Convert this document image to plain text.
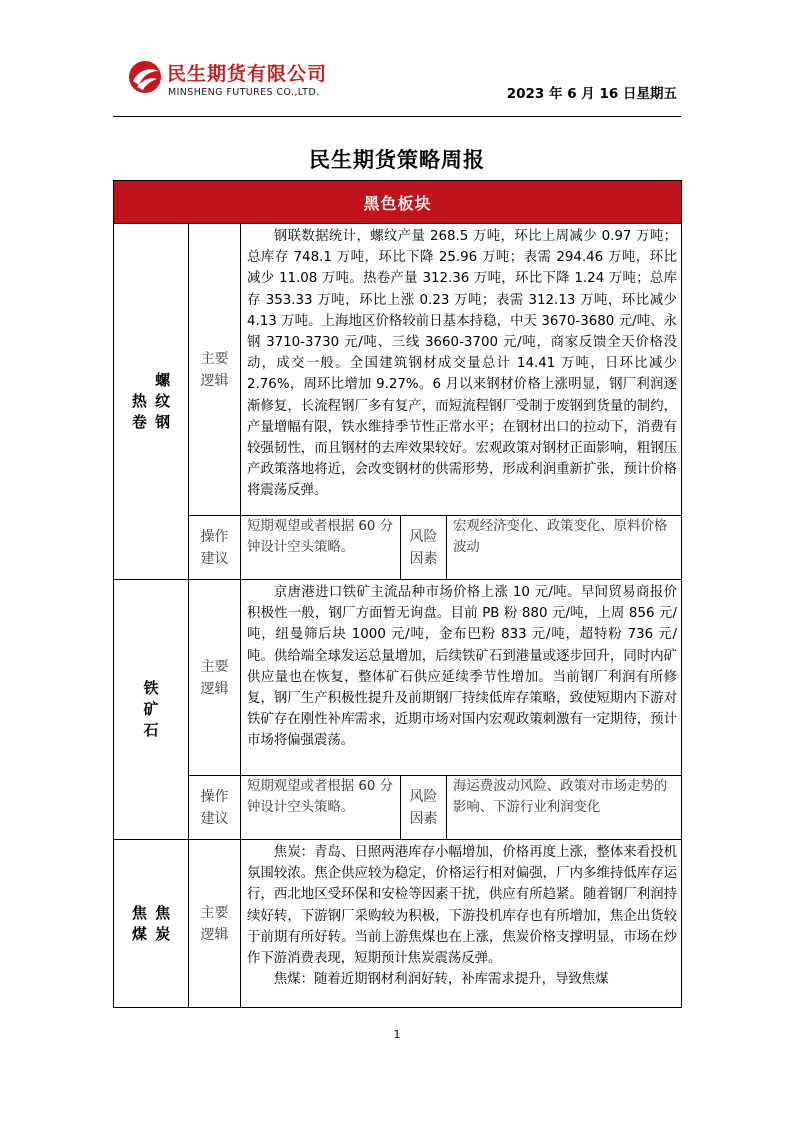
民生期货有限公司
MINSHENG FUTURES CO.,LTD.	2023 年 6 月 16 日星期五
民生期货策略周报
黑色板块				
热卷 螺纹钢	主要逻辑	钢联数据统计，螺纹产量 268.5 万吨，环比上周减少 0.97 万吨；总库存 748.1 万吨，环比下降 25.96 万吨；表需 294.46 万吨，环比减少 11.08 万吨。热卷产量 312.36 万吨，环比下降 1.24 万吨；总库存 353.33 万吨，环比上涨 0.23 万吨；表需 312.13 万吨，环比减少 4.13 万吨。上海地区价格较前日基本持稳，中天 3670-3680 元/吨、永钢 3710-3730 元/吨、三线 3660-3700 元/吨，商家反馈全天价格没动，成交一般。全国建筑钢材成交量总计 14.41 万吨，日环比减少 2.76%，周环比增加 9.27%。6 月以来钢材价格上涨明显，钢厂利润逐渐修复，长流程钢厂多有复产，而短流程钢厂受制于废钢到货量的制约，产量增幅有限，铁水维持季节性正常水平；在钢材出口的拉动下，消费有较强韧性，而且钢材的去库效果较好。宏观政策对钢材正面影响，粗钢压产政策落地将近，会改变钢材的供需形势，形成利润重新扩张，预计价格将震荡反弹。		

	操作建议	短期观望或者根据 60 分钟设计空头策略。	风险因素	宏观经济变化、政策变化、原料价格波动
铁矿石	主要逻辑	京唐港进口铁矿主流品种市场价格上涨 10 元/吨。早间贸易商报价积极性一般，钢厂方面暂无询盘。目前 PB 粉 880 元/吨，上周 856 元/吨，纽曼筛后块 1000 元/吨，金布巴粉 833 元/吨，超特粉 736 元/吨。供给端全球发运总量增加，后续铁矿石到港量或逐步回升，同时内矿供应量也在恢复，整体矿石供应延续季节性增加。当前钢厂利润有所修复，钢厂生产积极性提升及前期钢厂持续低库存策略，致使短期内下游对铁矿存在刚性补库需求，近期市场对国内宏观政策刺激有一定期待，预计市场将偏强震荡。		

	操作建议	短期观望或者根据 60 分钟设计空头策略。	风险因素	海运费波动风险、政策对市场走势的影响、下游行业利润变化
焦煤 焦炭	主要逻辑	焦炭：青岛、日照两港库存小幅增加，价格再度上涨，整体来看投机氛围较浓。焦企供应较为稳定，价格运行相对偏强，厂内多维持低库存运行，西北地区受环保和安检等因素干扰，供应有所趋紧。随着钢厂利润持续好转，下游钢厂采购较为积极，下游投机库存也有所增加，焦企出货较于前期有所好转。当前上游焦煤也在上涨，焦炭价格支撑明显，市场在炒作下游消费表现，短期预计焦炭震荡反弹。

焦煤：随着近期钢材利润好转，补库需求提升，导致焦煤		

1
